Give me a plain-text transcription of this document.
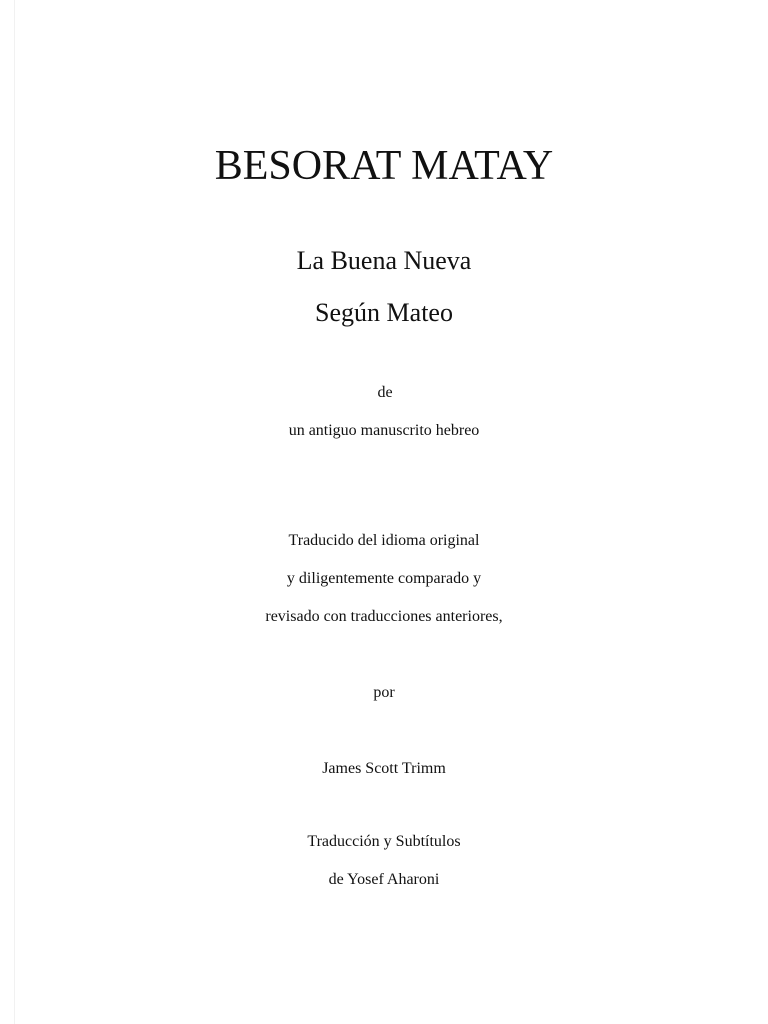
BESORAT MATAY
La Buena Nueva
Según Mateo
de
un antiguo manuscrito hebreo
Traducido del idioma original
y diligentemente comparado y
revisado con traducciones anteriores,
por
James Scott Trimm
Traducción y Subtítulos
de Yosef Aharoni
